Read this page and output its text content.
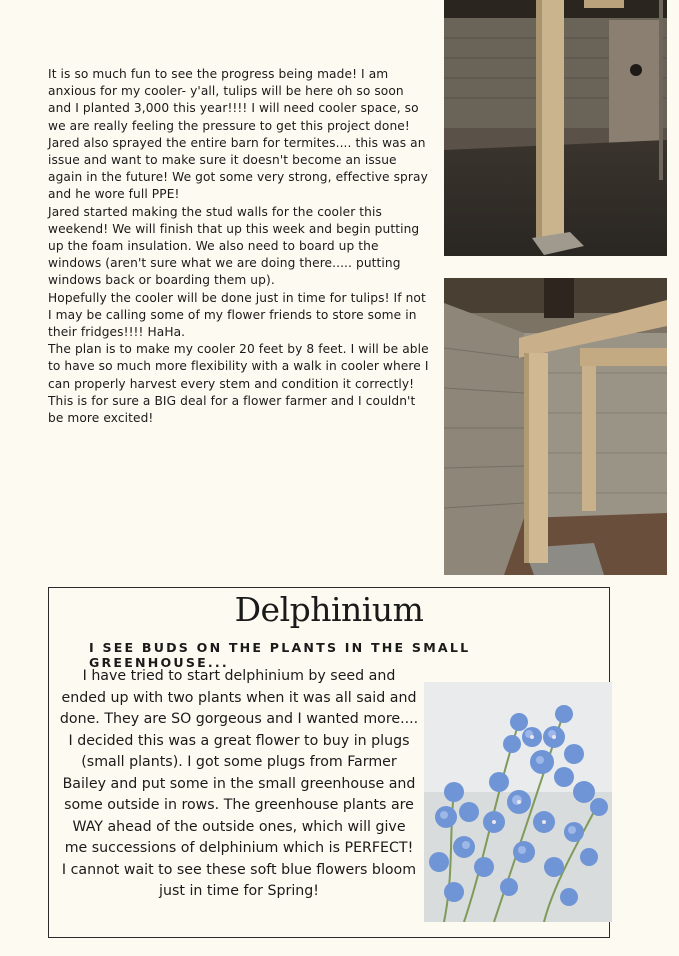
It is so much fun to see the progress being made! I am anxious for my cooler- y'all, tulips will be here oh so soon and I planted 3,000 this year!!!! I will need cooler space, so we are really feeling the pressure to get this project done!

Jared also sprayed the entire barn for termites.... this was an issue and want to make sure it doesn't become an issue again in the future! We got some very strong, effective spray and he wore full PPE!

Jared started making the stud walls for the cooler this weekend! We will finish that up this week and begin putting up the foam insulation. We also need to board up the windows (aren't sure what we are doing there..... putting windows back or boarding them up).

Hopefully the cooler will be done just in time for tulips! If not I may be calling some of my flower friends to store some in their fridges!!!! HaHa.

The plan is to make my cooler 20 feet by 8 feet. I will be able to have so much more flexibility with a walk in cooler where I can properly harvest every stem and condition it correctly! This is for sure a BIG deal for a flower farmer and I couldn't be more excited!

Delphinium
I SEE BUDS ON THE PLANTS IN THE SMALL GREENHOUSE...

I have tried to start delphinium by seed and ended up with two plants when it was all said and done. They are SO gorgeous and I wanted more.... I decided this was a great flower to buy in plugs (small plants). I got some plugs from Farmer Bailey and put some in the small greenhouse and some outside in rows. The greenhouse plants are WAY ahead of the outside ones, which will give me successions of delphinium which is PERFECT!

I cannot wait to see these soft blue flowers bloom just in time for Spring!
